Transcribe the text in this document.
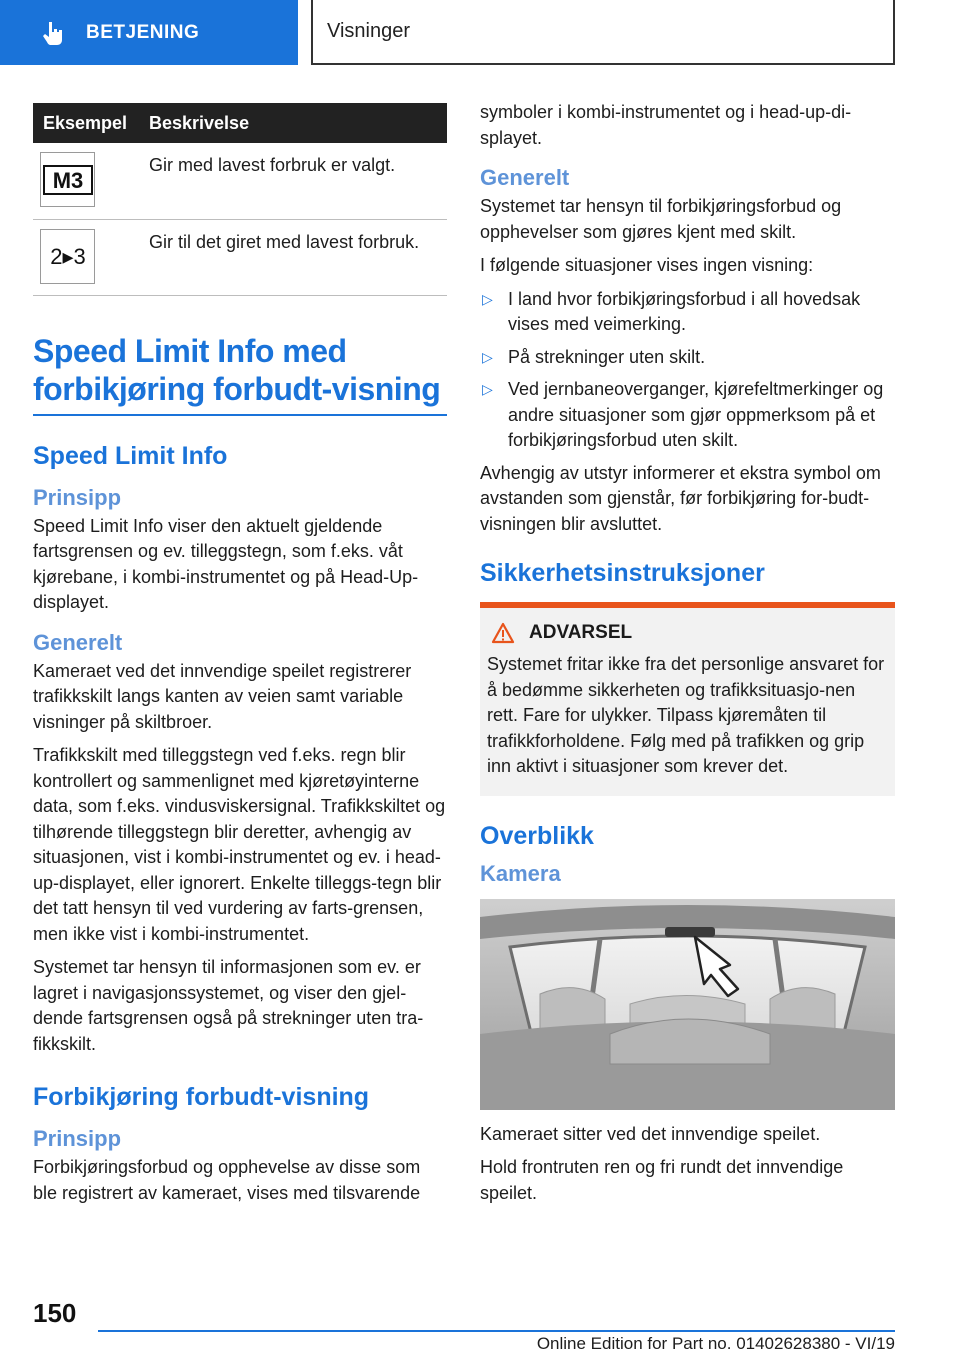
BETJENING	Visninger
Eksempel	Beskrivelse

M3	Gir med lavest forbruk er valgt.

2▸3	Gir til det giret med lavest forbruk.
Speed Limit Info med forbikjøring forbudt-visning
Speed Limit Info
Prinsipp

Speed Limit Info viser den aktuelt gjeldende fartsgrensen og ev. tilleggstegn, som f.eks. våt kjørebane, i kombi-instrumentet og på Head-Up-displayet.

Generelt

Kameraet ved det innvendige speilet registrerer trafikkskilt langs kanten av veien samt variable visninger på skiltbroer.

Trafikkskilt med tilleggstegn ved f.eks. regn blir kontrollert og sammenlignet med kjøretøyinterne data, som f.eks. vindusviskersignal. Trafikkskiltet og tilhørende tilleggstegn blir deretter, avhengig av situasjonen, vist i kombi-instrumentet og ev. i head-up-displayet, eller ignorert. Enkelte tilleggs-tegn blir det tatt hensyn til ved vurdering av farts-grensen, men ikke vist i kombi-instrumentet.

Systemet tar hensyn til informasjonen som ev. er lagret i navigasjonssystemet, og viser den gjel-dende fartsgrensen også på strekninger uten tra-fikkskilt.

Forbikjøring forbudt-visning
Prinsipp

Forbikjøringsforbud og opphevelse av disse som ble registrert av kameraet, vises med tilsvarende

symboler i kombi-instrumentet og i head-up-di-splayet.

Generelt

Systemet tar hensyn til forbikjøringsforbud og opphevelser som gjøres kjent med skilt.

I følgende situasjoner vises ingen visning:

▷ I land hvor forbikjøringsforbud i all hovedsak vises med veimerking.
▷ På strekninger uten skilt.
▷ Ved jernbaneoverganger, kjørefeltmerkinger og andre situasjoner som gjør oppmerksom på et forbikjøringsforbud uten skilt.

Avhengig av utstyr informerer et ekstra symbol om avstanden som gjenstår, før forbikjøring for-budt-visningen blir avsluttet.

Sikkerhetsinstruksjoner
ADVARSEL

Systemet fritar ikke fra det personlige ansvaret for å bedømme sikkerheten og trafikksituasjo-nen rett. Fare for ulykker. Tilpass kjøremåten til trafikkforholdene. Følg med på trafikken og grip inn aktivt i situasjoner som krever det.

Overblikk
Kamera

Kameraet sitter ved det innvendige speilet.

Hold frontruten ren og fri rundt det innvendige speilet.

150
Online Edition for Part no. 01402628380 - VI/19
